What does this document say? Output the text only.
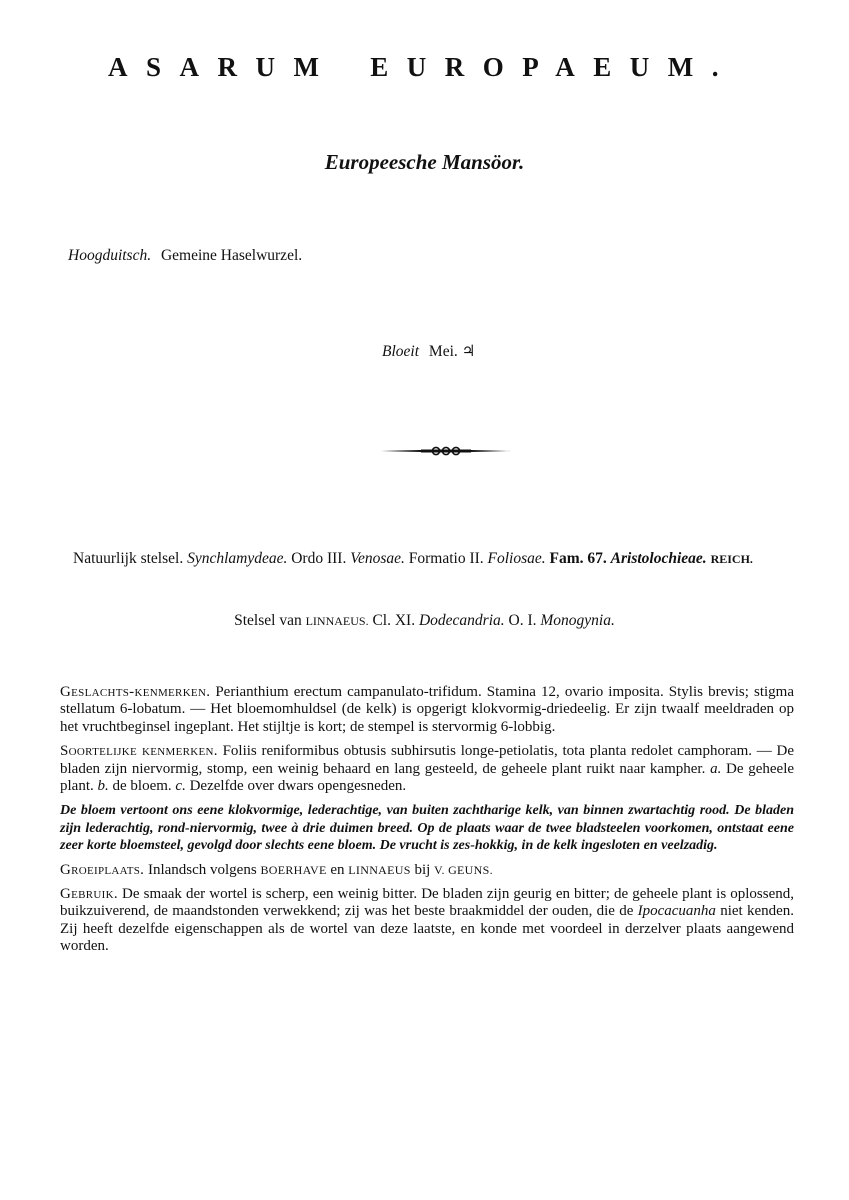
ASARUM EUROPAEUM.
Europeesche Mansöor.
Hoogduitsch. Gemeine Haselwurzel.
Bloeit Mei. ♃
Natuurlijk stelsel. Synchlamydeae. Ordo III. Venosae. Formatio II. Foliosae. Fam. 67. Aristolochieae. REICH.
Stelsel van LINNAEUS. Cl. XI. Dodecandria. O. I. Monogynia.

Geslachts-kenmerken. Perianthium erectum campanulato-trifidum. Stamina 12, ovario imposita. Stylis brevis; stigma stellatum 6-lobatum. — Het bloemomhuldsel (de kelk) is opgerigt klokvormig-driedeelig. Er zijn twaalf meeldraden op het vruchtbeginsel ingeplant. Het stijltje is kort; de stempel is stervormig 6-lobbig.

Soortelijke kenmerken. Foliis reniformibus obtusis subhirsutis longe-petiolatis, tota planta redolet camphoram. — De bladen zijn niervormig, stomp, een weinig behaard en lang gesteeld, de geheele plant ruikt naar kampher. a. De geheele plant. b. de bloem. c. Dezelfde over dwars opengesneden.

De bloem vertoont ons eene klokvormige, lederachtige, van buiten zachtharige kelk, van binnen zwartachtig rood. De bladen zijn lederachtig, rond-niervormig, twee à drie duimen breed. Op de plaats waar de twee bladsteelen voorkomen, ontstaat eene zeer korte bloemsteel, gevolgd door slechts eene bloem. De vrucht is zes-hokkig, in de kelk ingesloten en veelzadig.

Groeiplaats. Inlandsch volgens BOERHAVE en LINNAEUS bij V. GEUNS.

Gebruik. De smaak der wortel is scherp, een weinig bitter. De bladen zijn geurig en bitter; de geheele plant is oplossend, buikzuiverend, de maandstonden verwekkend; zij was het beste braakmiddel der ouden, die de Ipocacuanha niet kenden. Zij heeft dezelfde eigenschappen als de wortel van deze laatste, en konde met voordeel in derzelver plaats aangewend worden.
